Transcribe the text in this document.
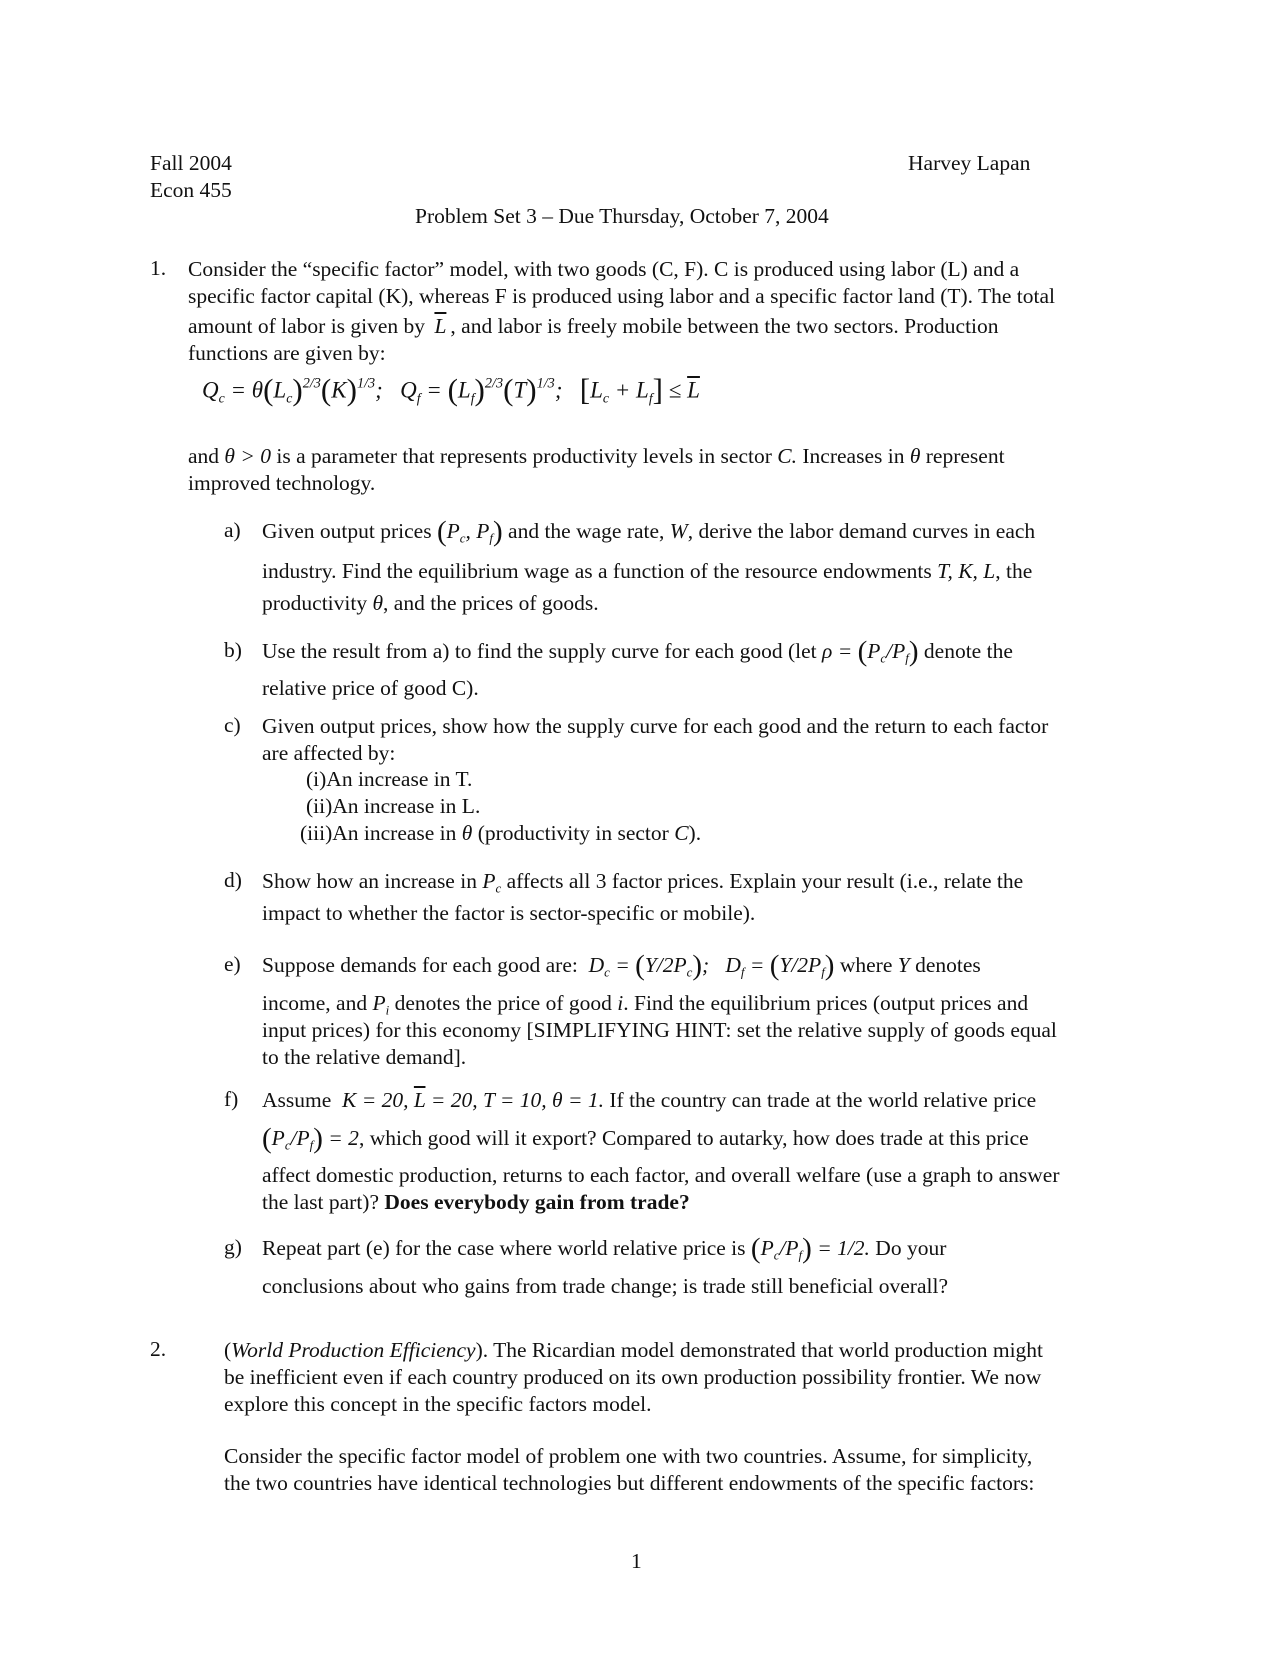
Fall 2004
Econ 455
Harvey Lapan
Problem Set 3 – Due Thursday, October 7, 2004
1. Consider the “specific factor” model, with two goods (C, F). C is produced using labor (L) and a
specific factor capital (K), whereas F is produced using labor and a specific factor land (T). The total
amount of labor is given by $\overline{L}$ , and labor is freely mobile between the two sectors. Production
functions are given by:
$Q_c = \theta(L_c)^{2/3}(K)^{1/3}$;   $Q_f = (L_f)^{2/3}(T)^{1/3}$;   $[L_c + L_f] \le \overline{L}$
and θ > 0 is a parameter that represents productivity levels in sector C. Increases in θ represent
improved technology.
a) Given output prices ($P_c$, $P_f$) and the wage rate, W, derive the labor demand curves in each
industry. Find the equilibrium wage as a function of the resource endowments T, K, L, the
productivity θ, and the prices of goods.
b) Use the result from a) to find the supply curve for each good (let $\rho = (P_c/P_f)$ denote the
relative price of good C).
c) Given output prices, show how the supply curve for each good and the return to each factor
are affected by:
(i)An increase in T.
(ii)An increase in L.
(iii)An increase in θ (productivity in sector C).
d) Show how an increase in $P_c$ affects all 3 factor prices. Explain your result (i.e., relate the
impact to whether the factor is sector-specific or mobile).
e) Suppose demands for each good are:  $D_c = (Y/2P_c)$;   $D_f = (Y/2P_f)$ where Y denotes
income, and $P_i$ denotes the price of good i. Find the equilibrium prices (output prices and
input prices) for this economy [SIMPLIFYING HINT: set the relative supply of goods equal
to the relative demand].
f) Assume  K = 20, $\overline{L} = 20$, T = 10, θ = 1. If the country can trade at the world relative price
$(P_c/P_f) = 2$, which good will it export? Compared to autarky, how does trade at this price
affect domestic production, returns to each factor, and overall welfare (use a graph to answer
the last part)? Does everybody gain from trade?
g) Repeat part (e) for the case where world relative price is $(P_c/P_f) = 1/2$. Do your
conclusions about who gains from trade change; is trade still beneficial overall?
2.	(World Production Efficiency). The Ricardian model demonstrated that world production might
be inefficient even if each country produced on its own production possibility frontier. We now
explore this concept in the specific factors model.
Consider the specific factor model of problem one with two countries. Assume, for simplicity,
the two countries have identical technologies but different endowments of the specific factors:
1
